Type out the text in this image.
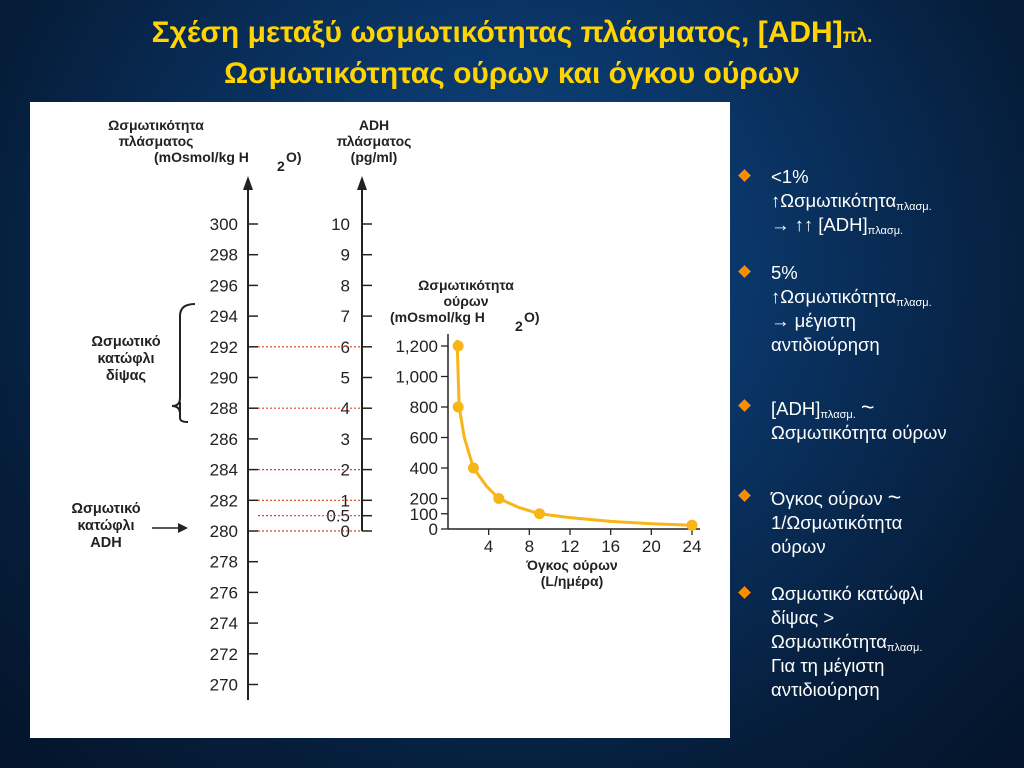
Σχέση μεταξύ ωσμωτικότητας πλάσματος, [ADH]πλ.
Ωσμωτικότητας ούρων και όγκου ούρων
Ωσμωτικότητα
πλάσματος
(mOsmol/kg H
2
O)
300
298
296
294
292
290
288
286
284
282
280
278
276
274
272
270
ADH
πλάσματος
(pg/ml)
10
9
8
7
6
5
4
3
2
1
0.5
0
Ωσμωτικό
κατώφλι
δίψας
Ωσμωτικό
κατώφλι
ADH
Ωσμωτικότητα
ούρων
(mOsmol/kg H
2
O)
1,200
1,000
800
600
400
200
100
0
4 8 12 16 20 24
Όγκος ούρων
(L/ημέρα)
<1%
↑Ωσμωτικότητα$_{\pi\lambda\alpha\sigma\mu.}$
→ ↑↑ $[ADH]_{\pi\lambda\alpha\sigma\mu.}$
5%
↑Ωσμωτικότητα$_{\pi\lambda\alpha\sigma\mu.}$
→ μέγιστη
αντιδιούρηση
$[ADH]_{\pi\lambda\alpha\sigma\mu.}$ ~
Ωσμωτικότητα ούρων
Όγκος ούρων ~
1/Ωσμωτικότητα
ούρων
Ωσμωτικό κατώφλι
δίψας >
Ωσμωτικότητα$_{\pi\lambda\alpha\sigma\mu.}$
Για τη μέγιστη
αντιδιούρηση
